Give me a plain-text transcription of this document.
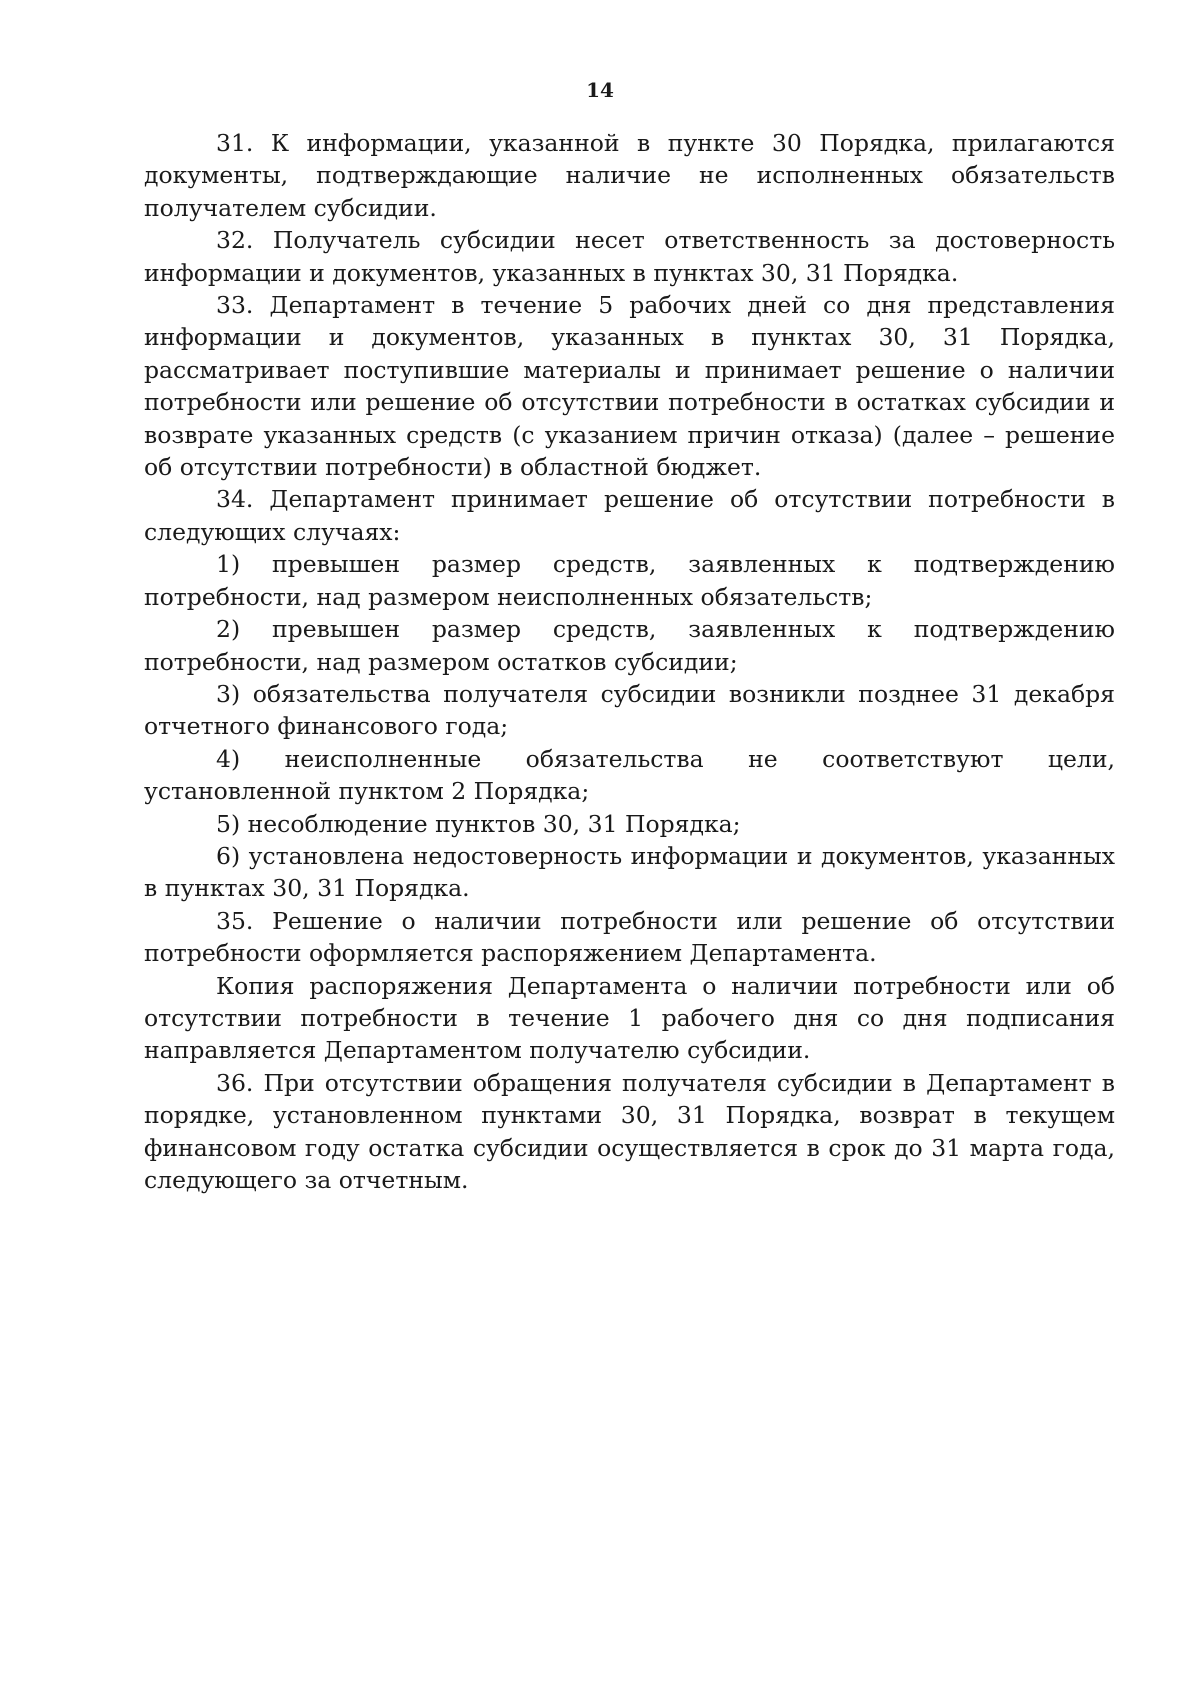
14

31. К информации, указанной в пункте 30 Порядка, прилагаются документы, подтверждающие наличие не исполненных обязательств получателем субсидии.

32. Получатель субсидии несет ответственность за достоверность информации и документов, указанных в пунктах 30, 31 Порядка.

33. Департамент в течение 5 рабочих дней со дня представления информации и документов, указанных в пунктах 30, 31 Порядка, рассматривает поступившие материалы и принимает решение о наличии потребности или решение об отсутствии потребности в остатках субсидии и возврате указанных средств (с указанием причин отказа) (далее – решение об отсутствии потребности) в областной бюджет.

34. Департамент принимает решение об отсутствии потребности в следующих случаях:

1) превышен размер средств, заявленных к подтверждению потребности, над размером неисполненных обязательств;

2) превышен размер средств, заявленных к подтверждению потребности, над размером остатков субсидии;

3) обязательства получателя субсидии возникли позднее 31 декабря отчетного финансового года;

4) неисполненные обязательства не соответствуют цели, установленной пунктом 2 Порядка;

5) несоблюдение пунктов 30, 31 Порядка;

6) установлена недостоверность информации и документов, указанных в пунктах 30, 31 Порядка.

35. Решение о наличии потребности или решение об отсутствии потребности оформляется распоряжением Департамента.

Копия распоряжения Департамента о наличии потребности или об отсутствии потребности в течение 1 рабочего дня со дня подписания направляется Департаментом получателю субсидии.

36. При отсутствии обращения получателя субсидии в Департамент в порядке, установленном пунктами 30, 31 Порядка, возврат в текущем финансовом году остатка субсидии осуществляется в срок до 31 марта года, следующего за отчетным.
